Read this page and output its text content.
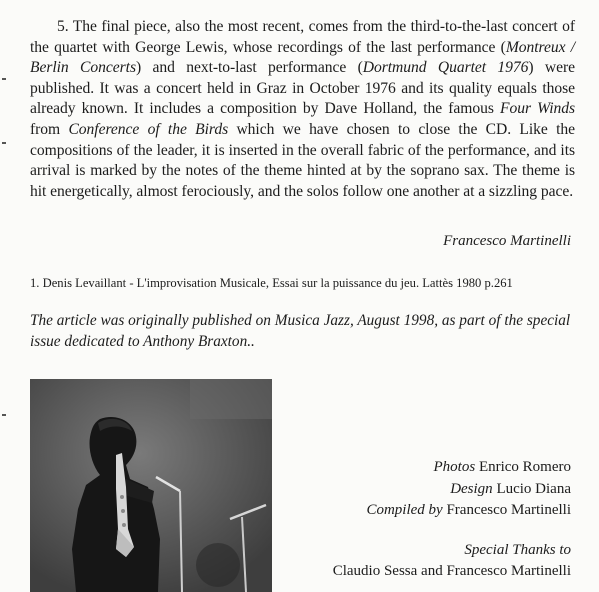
5. The final piece, also the most recent, comes from the third-to-the-last concert of the quartet with George Lewis, whose recordings of the last performance (Montreux / Berlin Concerts) and next-to-last performance (Dortmund Quartet 1976) were published. It was a concert held in Graz in October 1976 and its quality equals those already known. It includes a composition by Dave Holland, the famous Four Winds from Conference of the Birds which we have chosen to close the CD. Like the compositions of the leader, it is inserted in the overall fabric of the performance, and its arrival is marked by the notes of the theme hinted at by the soprano sax. The theme is hit energetically, almost ferociously, and the solos follow one another at a sizzling pace.

Francesco Martinelli
1. Denis Levaillant - L'improvisation Musicale, Essai sur la puissance du jeu. Lattès 1980 p.261
The article was originally published on Musica Jazz, August 1998, as part of the special issue dedicated to Anthony Braxton..
Photos Enrico Romero
Design Lucio Diana
Compiled by Francesco Martinelli
Special Thanks to
Claudio Sessa and Francesco Martinelli
